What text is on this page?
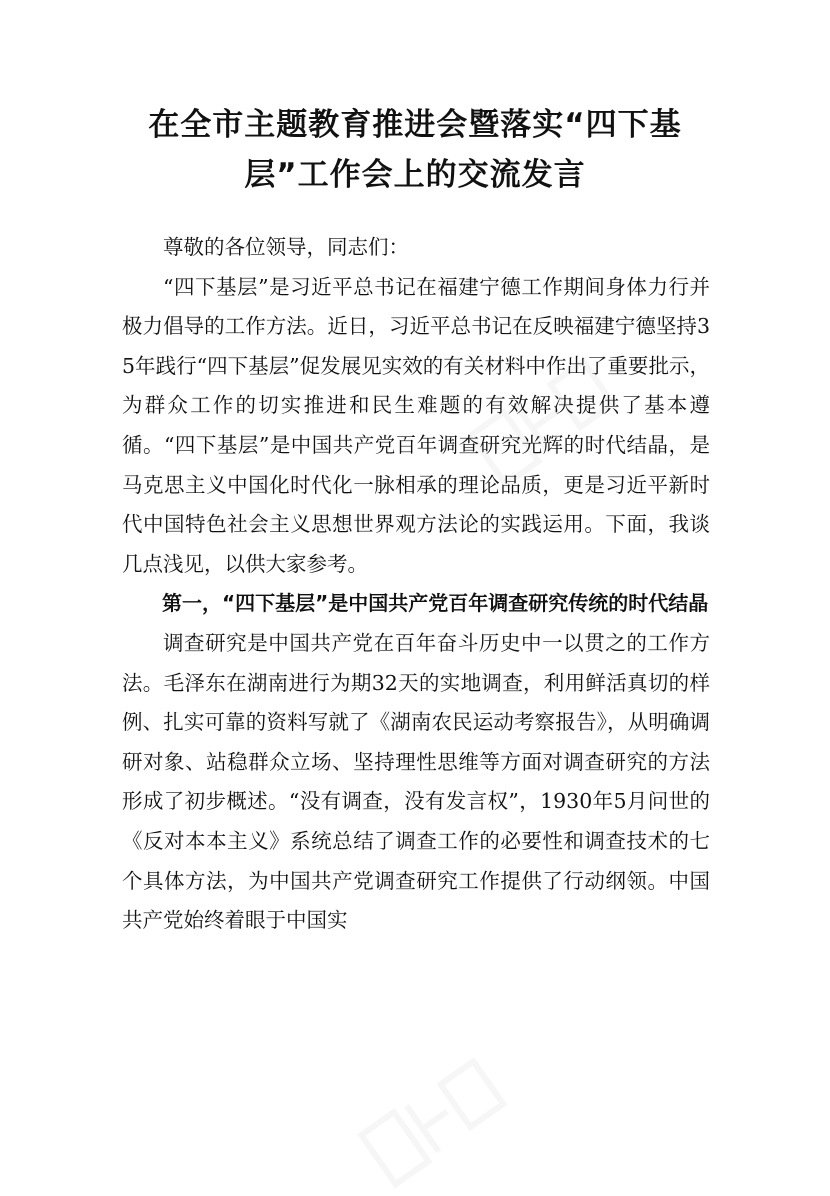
在全市主题教育推进会暨落实“四下基层”工作会上的交流发言

尊敬的各位领导，同志们：

“四下基层”是习近平总书记在福建宁德工作期间身体力行并极力倡导的工作方法。近日，习近平总书记在反映福建宁德坚持35年践行“四下基层”促发展见实效的有关材料中作出了重要批示，为群众工作的切实推进和民生难题的有效解决提供了基本遵循。“四下基层”是中国共产党百年调查研究光辉的时代结晶，是马克思主义中国化时代化一脉相承的理论品质，更是习近平新时代中国特色社会主义思想世界观方法论的实践运用。下面，我谈几点浅见，以供大家参考。

第一，“四下基层”是中国共产党百年调查研究传统的时代结晶

调查研究是中国共产党在百年奋斗历史中一以贯之的工作方法。毛泽东在湖南进行为期32天的实地调查，利用鲜活真切的样例、扎实可靠的资料写就了《湖南农民运动考察报告》，从明确调研对象、站稳群众立场、坚持理性思维等方面对调查研究的方法形成了初步概述。“没有调查，没有发言权”，1930年5月问世的《反对本本主义》系统总结了调查工作的必要性和调查技术的七个具体方法，为中国共产党调查研究工作提供了行动纲领。中国共产党始终着眼于中国实
